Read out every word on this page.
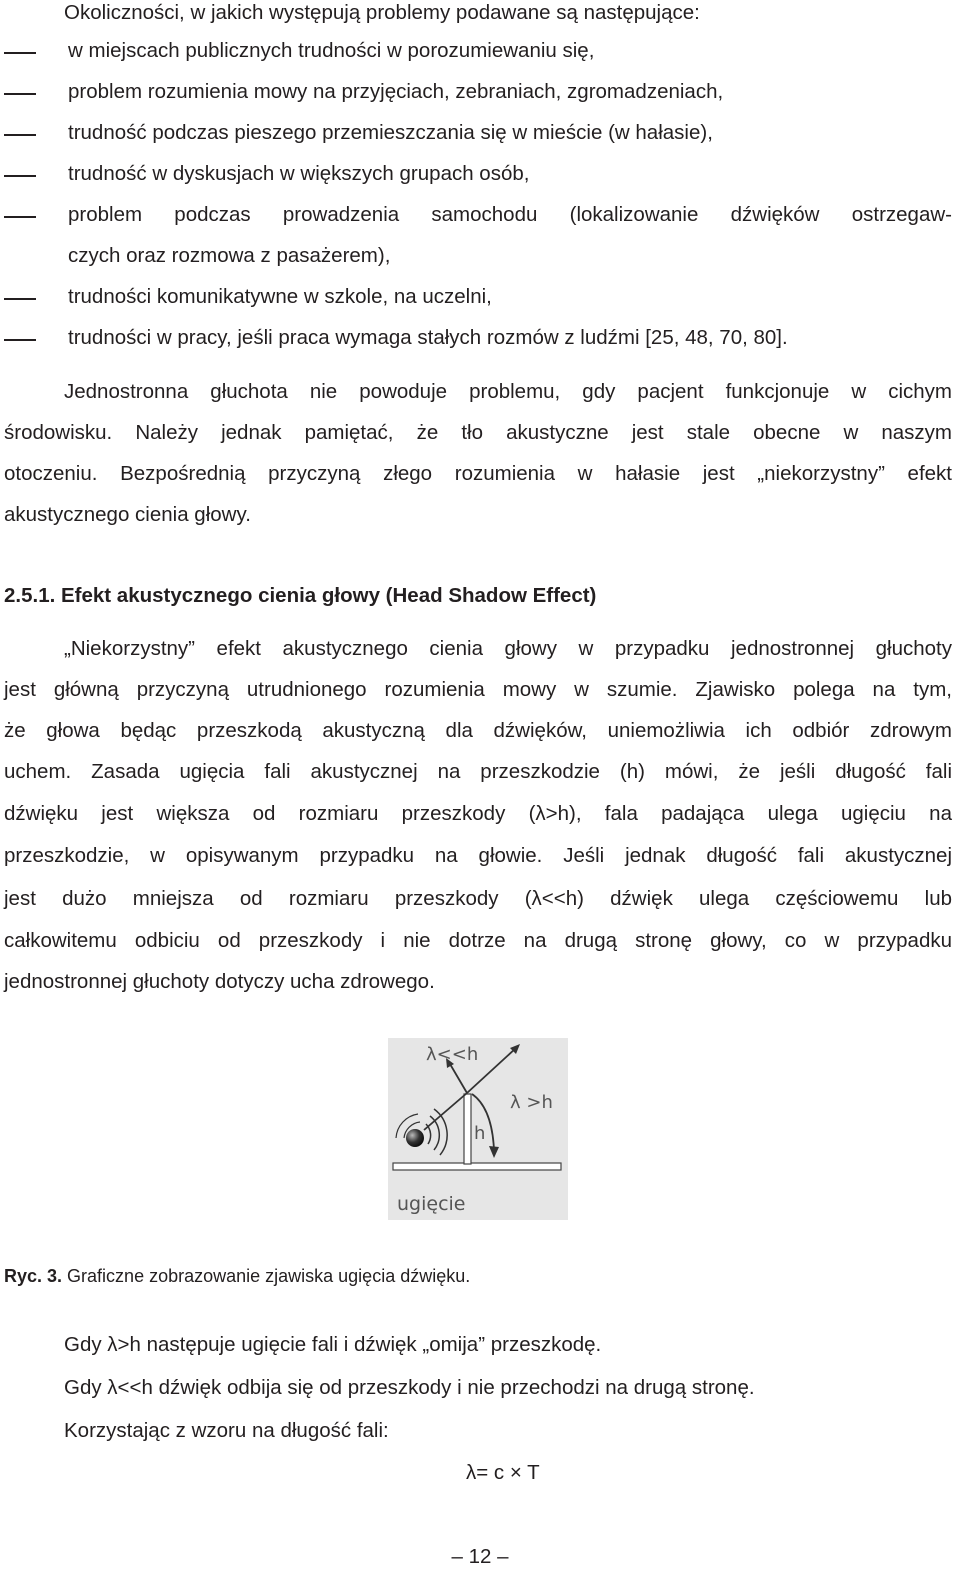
Okoliczności, w jakich występują problemy podawane są następujące:
w miejscach publicznych trudności w porozumiewaniu się,
problem rozumienia mowy na przyjęciach, zebraniach, zgromadzeniach,
trudność podczas pieszego przemieszczania się w mieście (w hałasie),
trudność w dyskusjach w większych grupach osób,
problem podczas prowadzenia samochodu (lokalizowanie dźwięków ostrzegaw-
czych oraz rozmowa z pasażerem),
trudności komunikatywne w szkole, na uczelni,
trudności w pracy, jeśli praca wymaga stałych rozmów z ludźmi [25, 48, 70, 80].
Jednostronna głuchota nie powoduje problemu, gdy pacjent funkcjonuje w cichym
środowisku. Należy jednak pamiętać, że tło akustyczne jest stale obecne w naszym
otoczeniu. Bezpośrednią przyczyną złego rozumienia w hałasie jest „niekorzystny” efekt
akustycznego cienia głowy.
2.5.1. Efekt akustycznego cienia głowy (Head Shadow Effect)
„Niekorzystny” efekt akustycznego cienia głowy w przypadku jednostronnej głuchoty
jest główną przyczyną utrudnionego rozumienia mowy w szumie. Zjawisko polega na tym,
że głowa będąc przeszkodą akustyczną dla dźwięków, uniemożliwia ich odbiór zdrowym
uchem. Zasada ugięcia fali akustycznej na przeszkodzie (h) mówi, że jeśli długość fali
dźwięku jest większa od rozmiaru przeszkody (λ>h), fala padająca ulega ugięciu na
przeszkodzie, w opisywanym przypadku na głowie. Jeśli jednak długość fali akustycznej
jest dużo mniejsza od rozmiaru przeszkody (λ<<h) dźwięk ulega częściowemu lub
całkowitemu odbiciu od przeszkody i nie dotrze na drugą stronę głowy, co w przypadku
jednostronnej głuchoty dotyczy ucha zdrowego.
λ<<h
λ >h
h
ugięcie
Ryc. 3. Graficzne zobrazowanie zjawiska ugięcia dźwięku.
Gdy λ>h następuje ugięcie fali i dźwięk „omija” przeszkodę.
Gdy λ<<h dźwięk odbija się od przeszkody i nie przechodzi na drugą stronę.
Korzystając z wzoru na długość fali:
λ= c × T
– 12 –
